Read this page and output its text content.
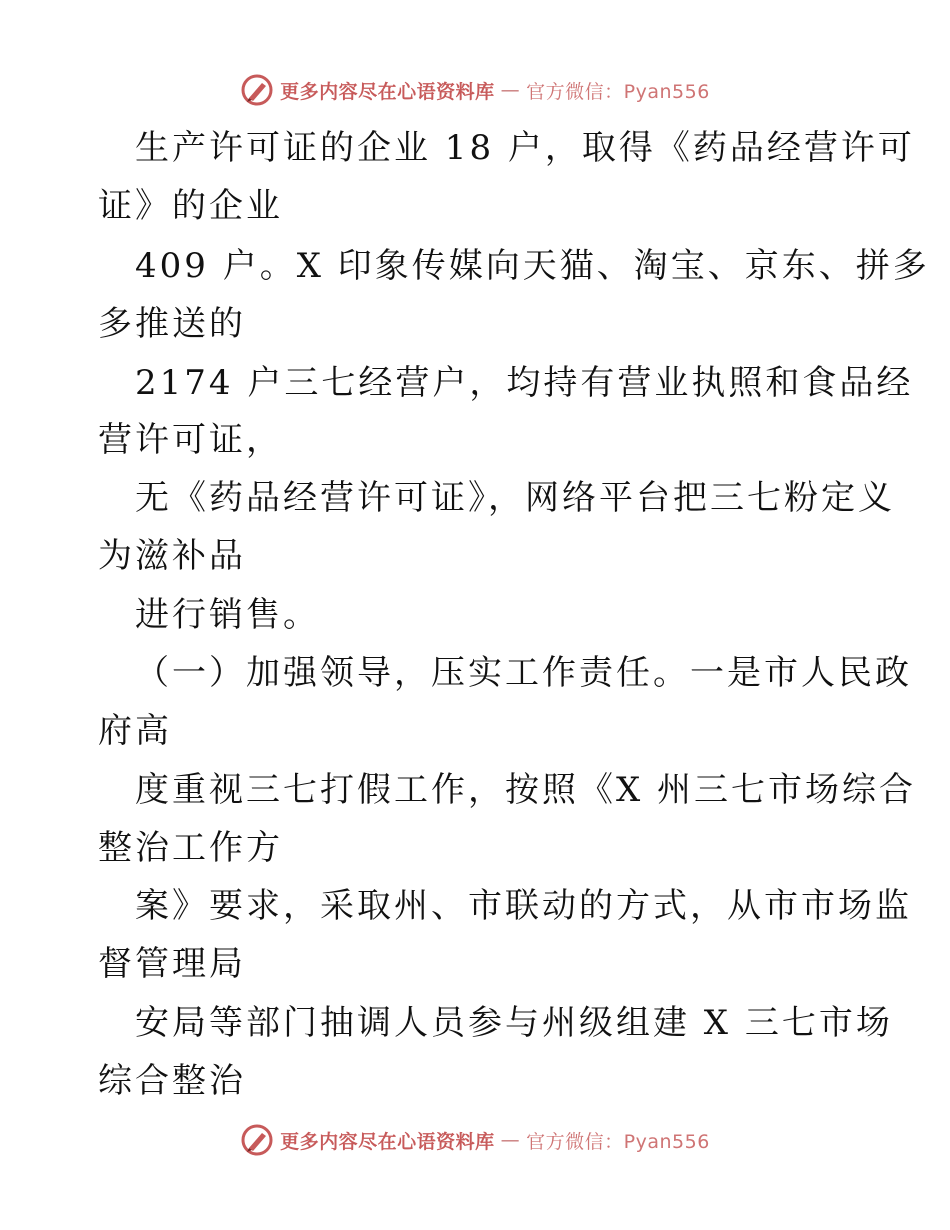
更多内容尽在心语资料库 — 官方微信：Pyan556
生产许可证的企业 18 户，取得《药品经营许可
证》的企业
409 户。X 印象传媒向天猫、淘宝、京东、拼多
多推送的
2174 户三七经营户，均持有营业执照和食品经
营许可证，
无《药品经营许可证》，网络平台把三七粉定义
为滋补品
进行销售。
（一）加强领导，压实工作责任。一是市人民政
府高
度重视三七打假工作，按照《X 州三七市场综合
整治工作方
案》要求，采取州、市联动的方式，从市市场监
督管理局
安局等部门抽调人员参与州级组建 X 三七市场
综合整治
更多内容尽在心语资料库 — 官方微信：Pyan556
